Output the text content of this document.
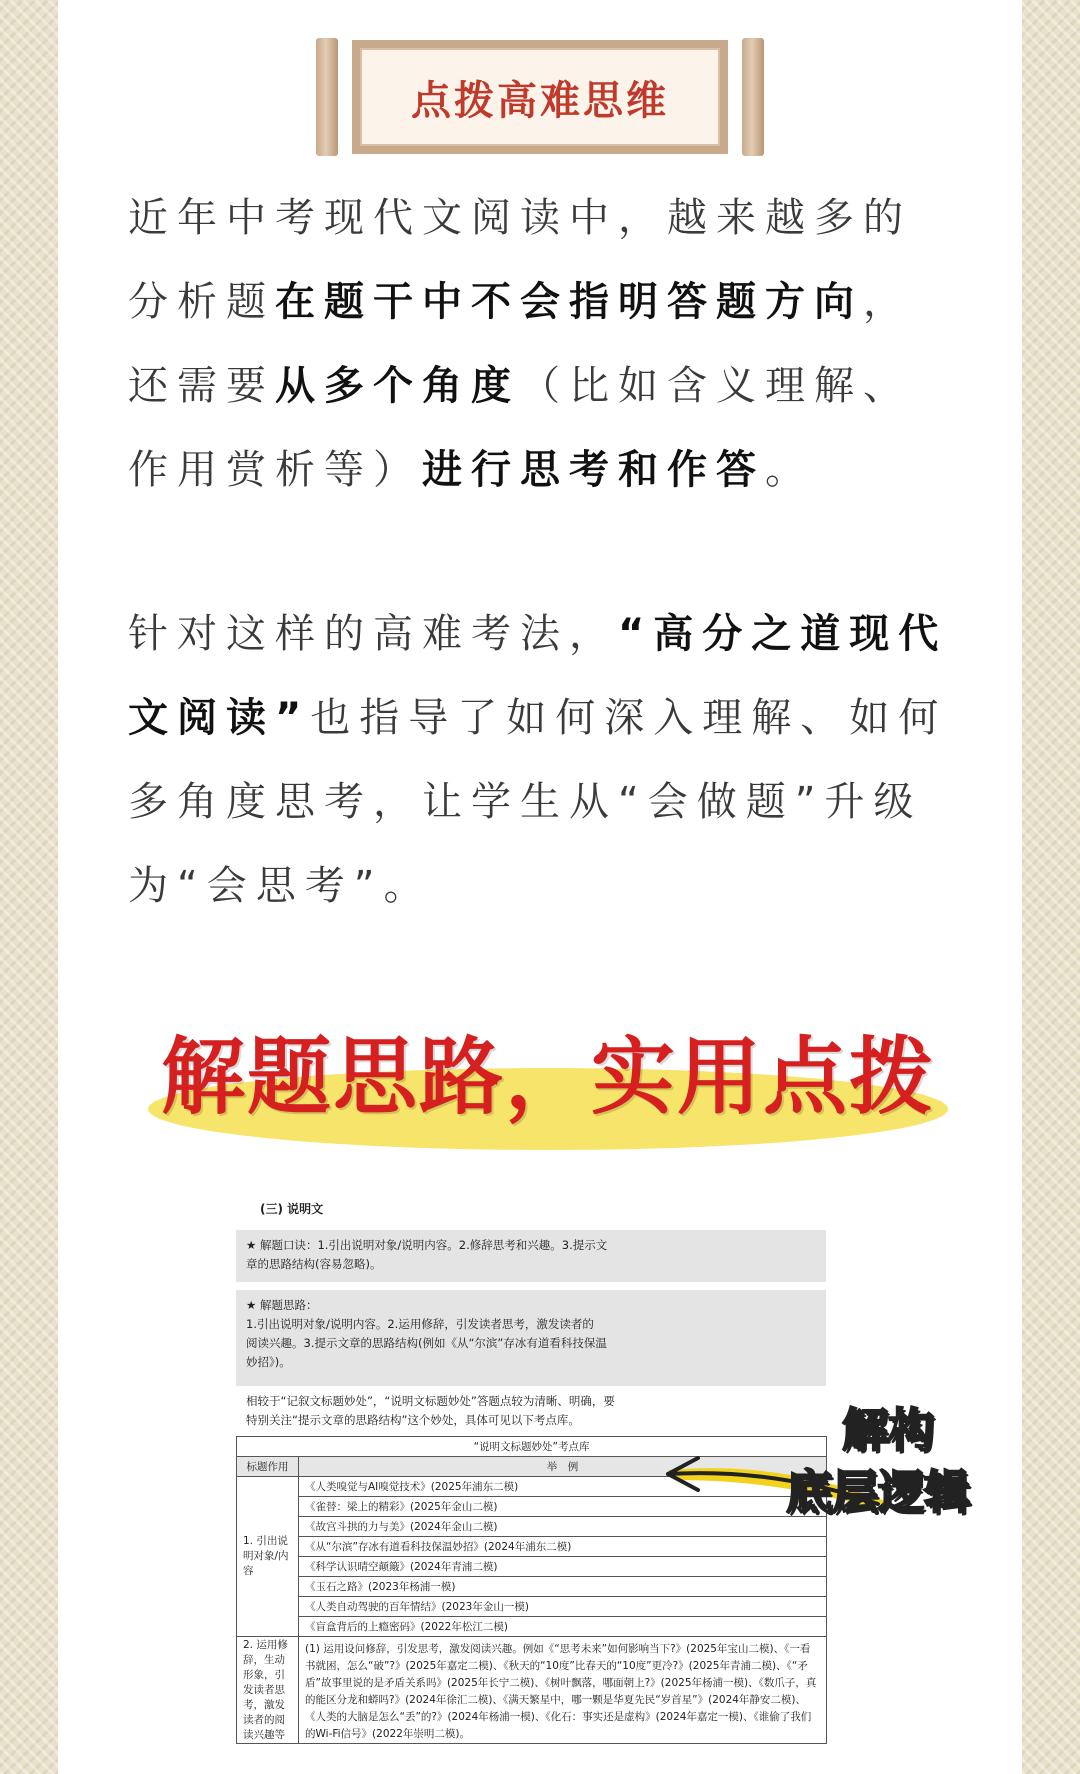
点拨高难思维

近年中考现代文阅读中，越来越多的分析题在题干中不会指明答题方向，还需要从多个角度（比如含义理解、作用赏析等）进行思考和作答。

针对这样的高难考法，“高分之道现代文阅读”也指导了如何深入理解、如何多角度思考，让学生从“会做题”升级为“会思考”。

解题思路，实用点拨
(三) 说明文
★ 解题口诀：1.引出说明对象/说明内容。2.修辞思考和兴趣。3.提示文
章的思路结构(容易忽略)。
★ 解题思路：
1.引出说明对象/说明内容。2.运用修辞，引发读者思考，激发读者的
阅读兴趣。3.提示文章的思路结构(例如《从“尔滨”存冰有道看科技保温
妙招》)。
相较于“记叙文标题妙处”，“说明文标题妙处”答题点较为清晰、明确，要
特别关注“提示文章的思路结构”这个妙处，具体可见以下考点库。
“说明文标题妙处”考点库	
标题作用	举　例
1. 引出说明对象/内容	《人类嗅觉与AI嗅觉技术》(2025年浦东二模)
	《雀替：梁上的精彩》(2025年金山二模)
	《故宫斗拱的力与美》(2024年金山二模)
	《从“尔滨”存冰有道看科技保温妙招》(2024年浦东二模)
	《科学认识晴空颠簸》(2024年青浦二模)
	《玉石之路》(2023年杨浦一模)
	《人类自动驾驶的百年情结》(2023年金山一模)
	《盲盒背后的上瘾密码》(2022年松江二模)
2. 运用修辞，生动形象，引发读者思考，激发读者的阅读兴趣等	(1) 运用设问修辞，引发思考，激发阅读兴趣。例如《“思考未来”如何影响当下?》(2025年宝山二模)、《一看书就困，怎么“破”?》(2025年嘉定二模)、《秋天的“10度”比春天的“10度”更冷?》(2025年青浦二模)、《“矛盾”故事里说的是矛盾关系吗》(2025年长宁二模)、《树叶飘落，哪面朝上?》(2025年杨浦一模)、《数爪子，真的能区分龙和蟒吗?》(2024年徐汇二模)、《满天繁星中，哪一颗是华夏先民“岁首星”》(2024年静安二模)、《人类的大脑是怎么“丢”的?》(2024年杨浦一模)、《化石：事实还是虚构》(2024年嘉定一模)、《谁偷了我们的Wi-Fi信号》(2022年崇明二模)。
解构
底层逻辑
